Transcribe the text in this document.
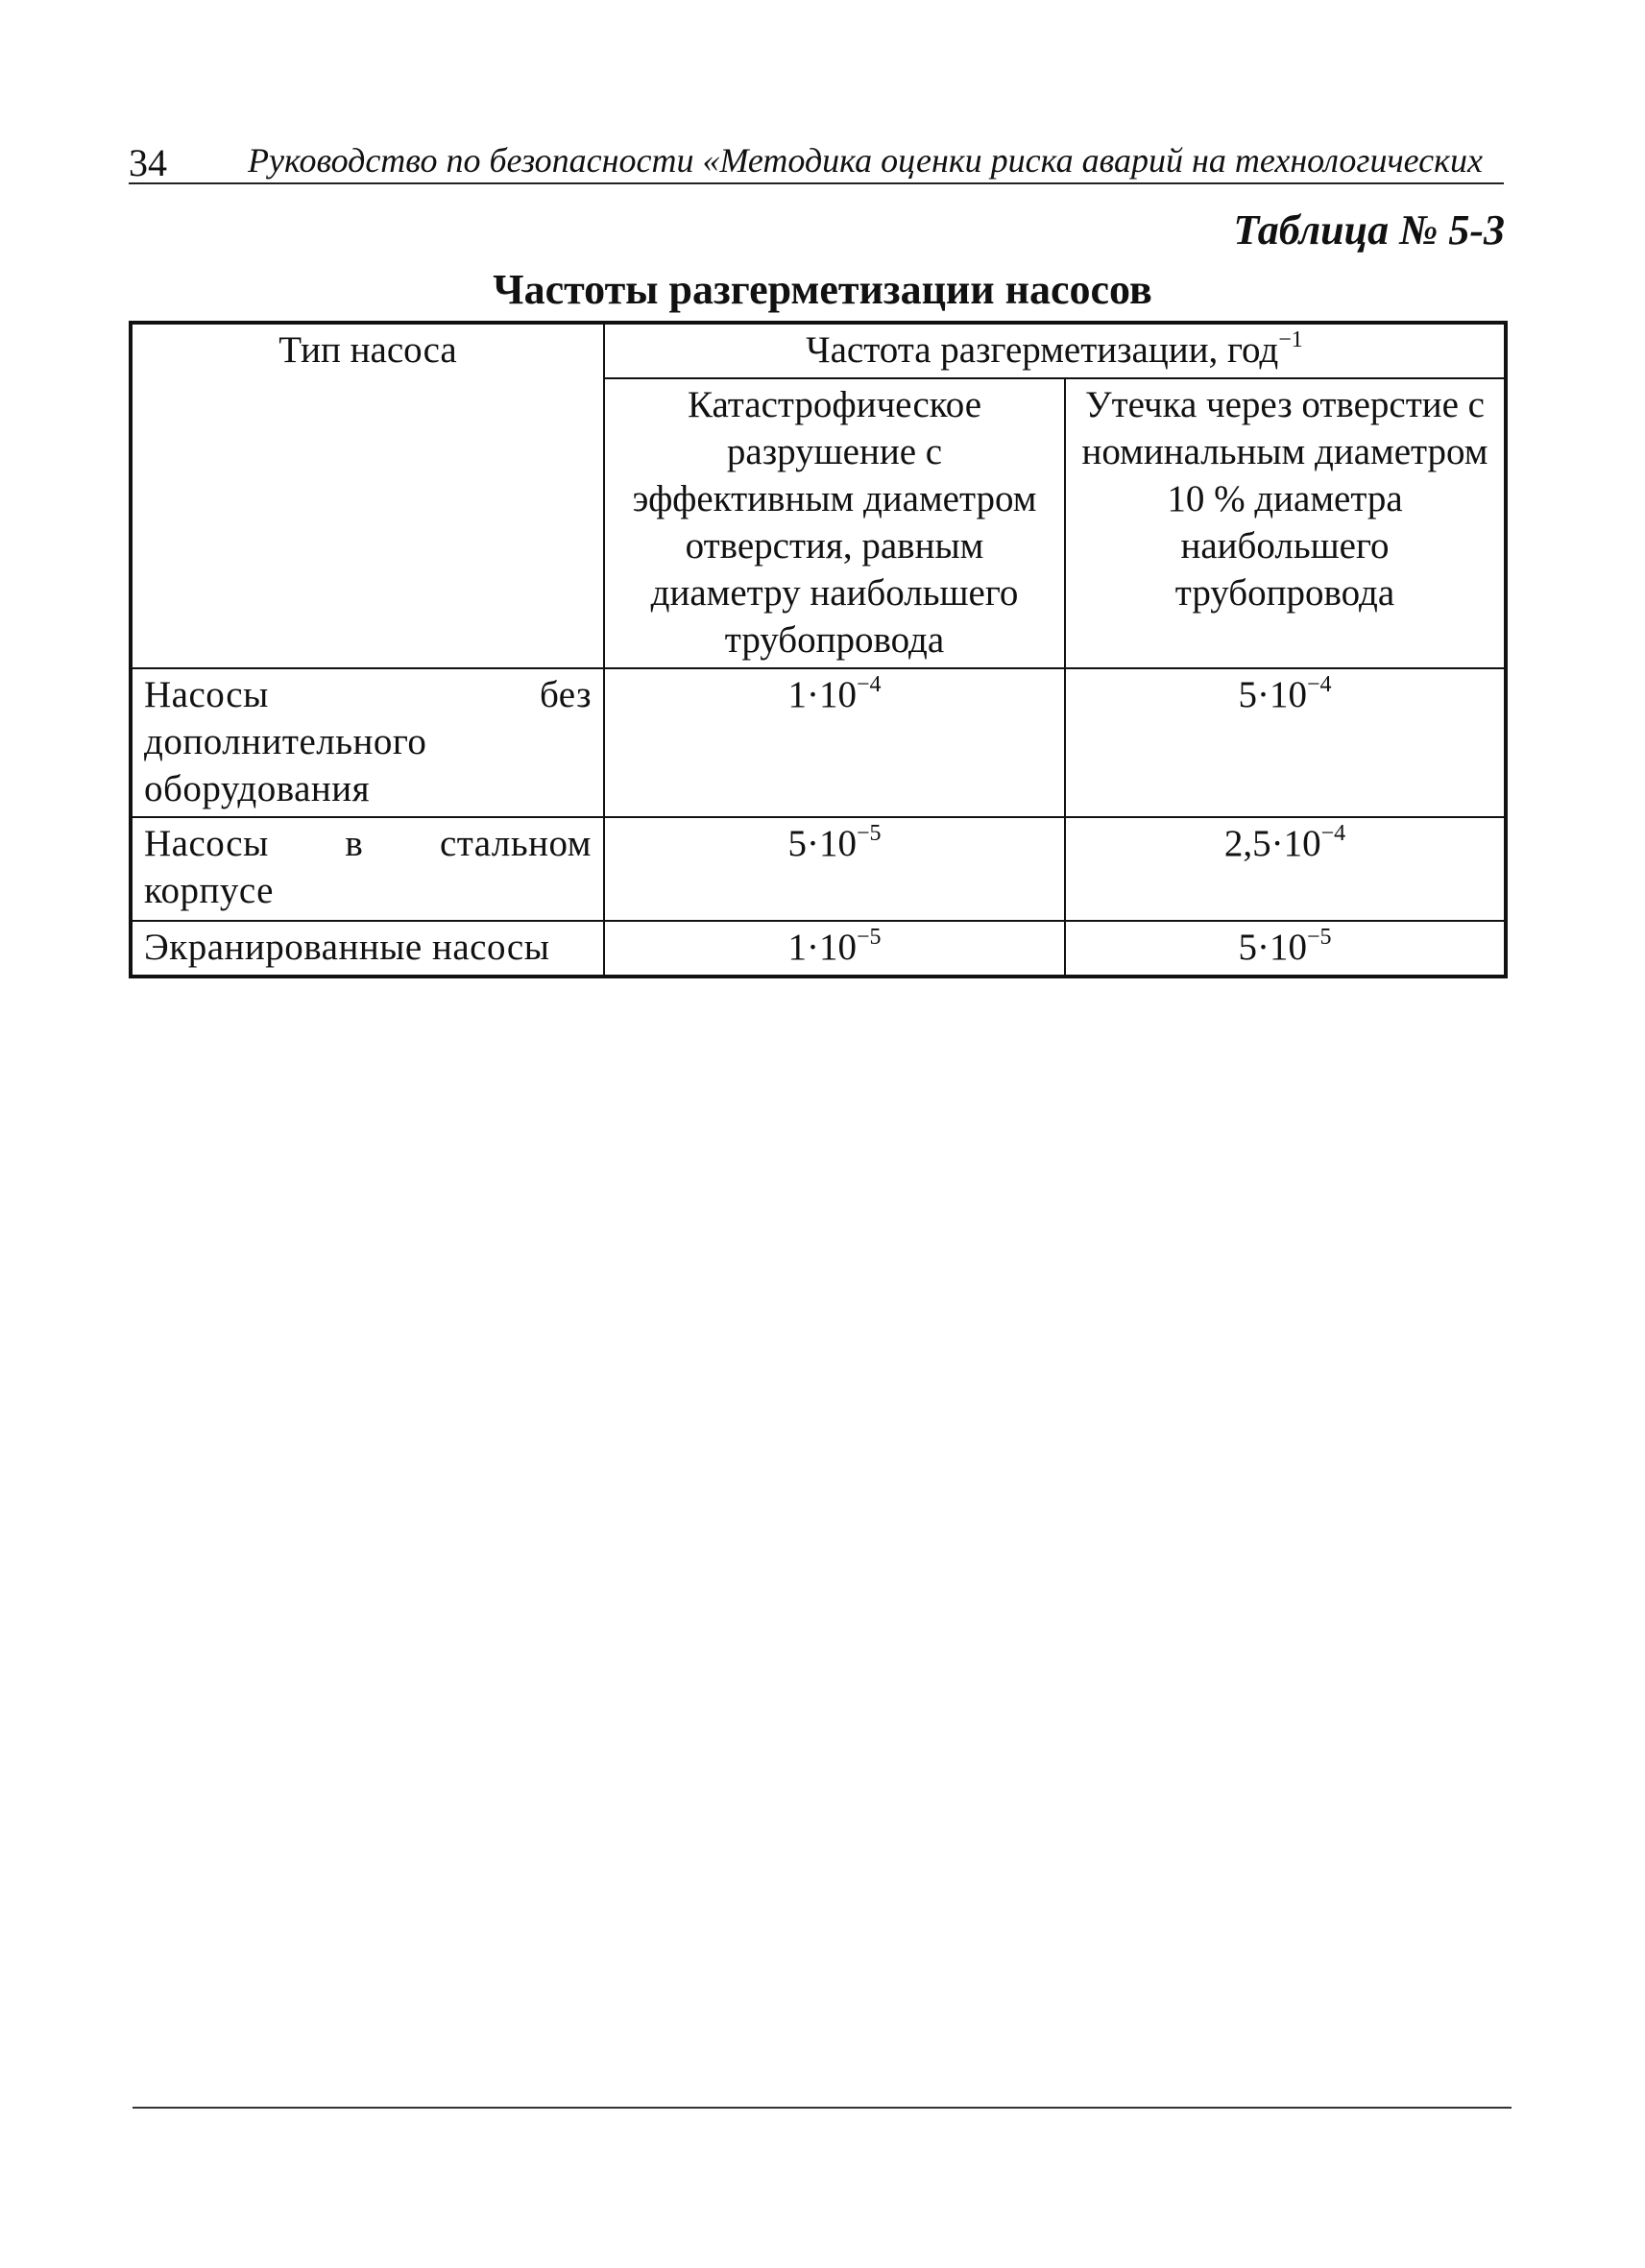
34 Руководство по безопасности «Методика оценки риска аварий на технологических
Таблица № 5-3
Частоты разгерметизации насосов
Тип насоса	Частота разгерметизации, год$^{-1}$
	Катастрофическое разрушение с эффективным диаметром отверстия, равным диаметру наибольшего трубопровода	Утечка через отверстие с номинальным диаметром 10 % диаметра наибольшего трубопровода
Насосы без дополнительного оборудования	$1\cdot 10^{-4}$	$5\cdot 10^{-4}$
Насосы в стальном корпусе	$5\cdot 10^{-5}$	$2,5\cdot 10^{-4}$
Экранированные насосы	$1\cdot 10^{-5}$	$5\cdot 10^{-5}$
